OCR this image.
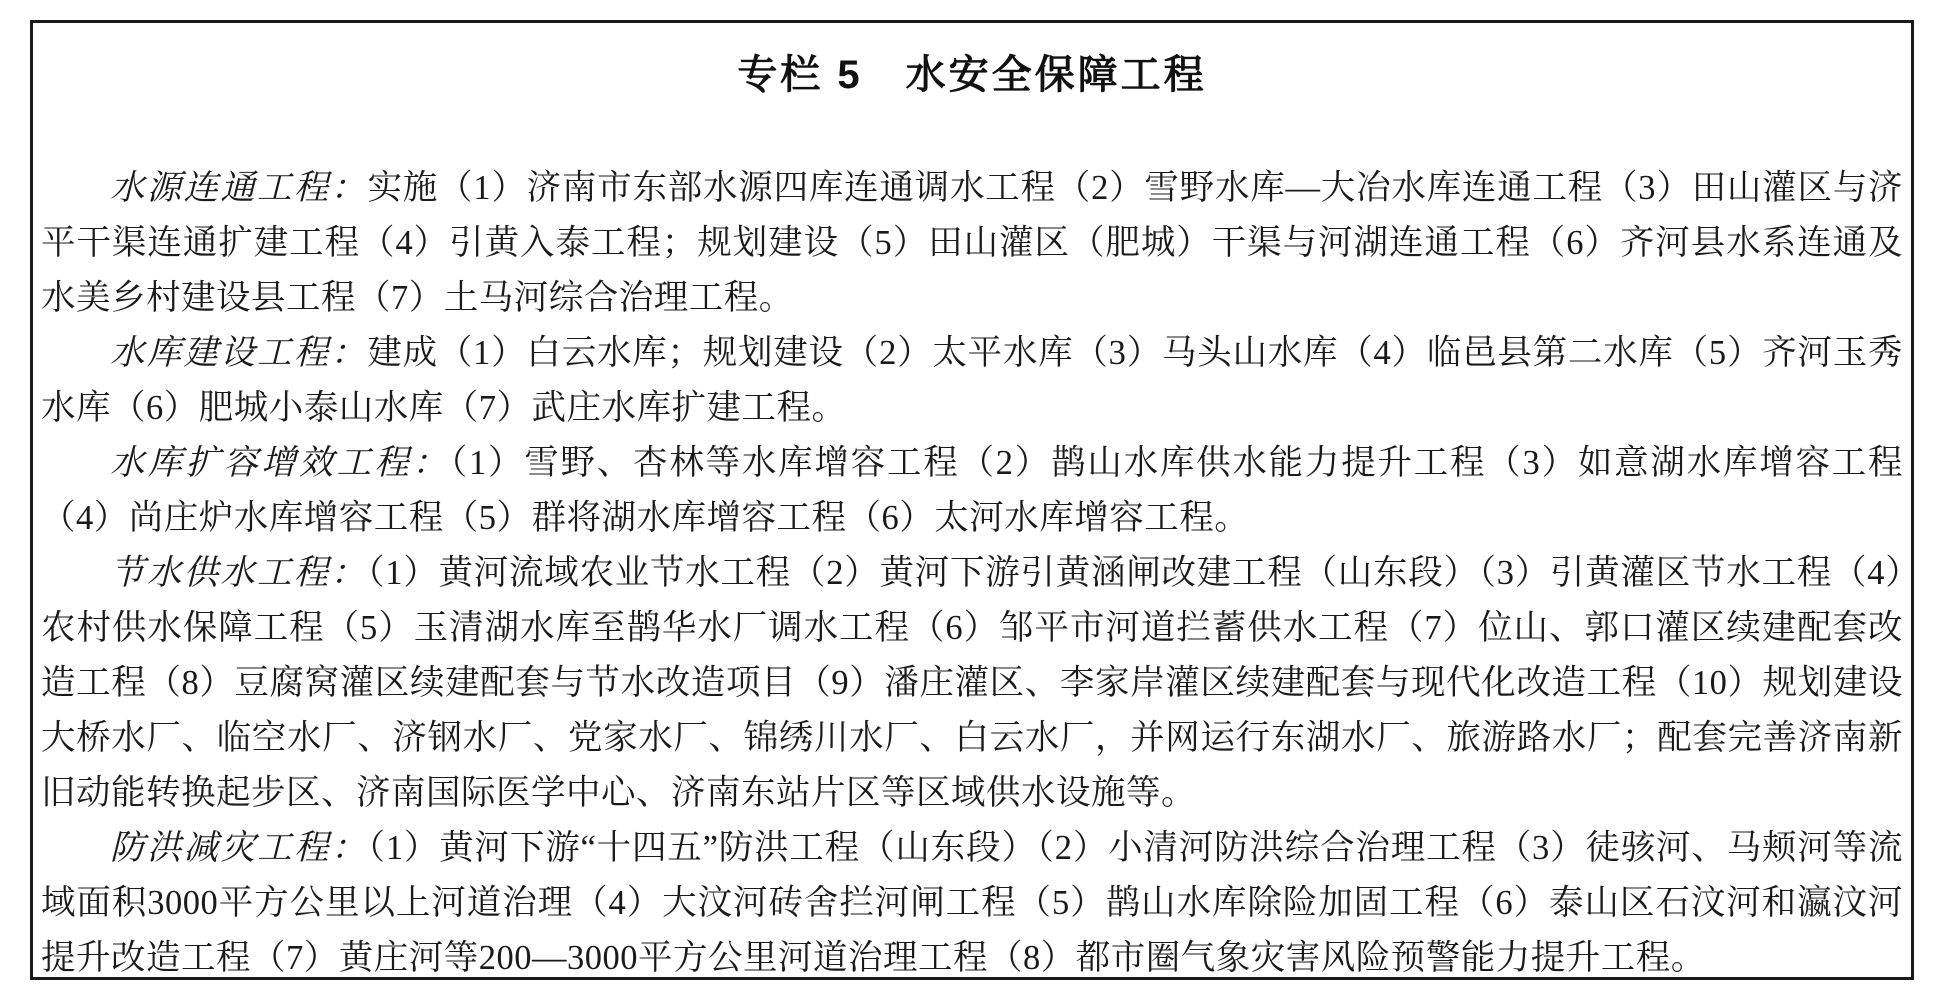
专栏 5　水安全保障工程

水源连通工程：实施（1）济南市东部水源四库连通调水工程（2）雪野水库—大冶水库连通工程（3）田山灌区与济平干渠连通扩建工程（4）引黄入泰工程；规划建设（5）田山灌区（肥城）干渠与河湖连通工程（6）齐河县水系连通及水美乡村建设县工程（7）土马河综合治理工程。

水库建设工程：建成（1）白云水库；规划建设（2）太平水库（3）马头山水库（4）临邑县第二水库（5）齐河玉秀水库（6）肥城小泰山水库（7）武庄水库扩建工程。

水库扩容增效工程：（1）雪野、杏林等水库增容工程（2）鹊山水库供水能力提升工程（3）如意湖水库增容工程（4）尚庄炉水库增容工程（5）群将湖水库增容工程（6）太河水库增容工程。

节水供水工程：（1）黄河流域农业节水工程（2）黄河下游引黄涵闸改建工程（山东段）（3）引黄灌区节水工程（4）农村供水保障工程（5）玉清湖水库至鹊华水厂调水工程（6）邹平市河道拦蓄供水工程（7）位山、郭口灌区续建配套改造工程（8）豆腐窝灌区续建配套与节水改造项目（9）潘庄灌区、李家岸灌区续建配套与现代化改造工程（10）规划建设大桥水厂、临空水厂、济钢水厂、党家水厂、锦绣川水厂、白云水厂，并网运行东湖水厂、旅游路水厂；配套完善济南新旧动能转换起步区、济南国际医学中心、济南东站片区等区域供水设施等。

防洪减灾工程：（1）黄河下游“十四五”防洪工程（山东段）（2）小清河防洪综合治理工程（3）徒骇河、马颊河等流域面积3000平方公里以上河道治理（4）大汶河砖舍拦河闸工程（5）鹊山水库除险加固工程（6）泰山区石汶河和瀛汶河提升改造工程（7）黄庄河等200—3000平方公里河道治理工程（8）都市圈气象灾害风险预警能力提升工程。
